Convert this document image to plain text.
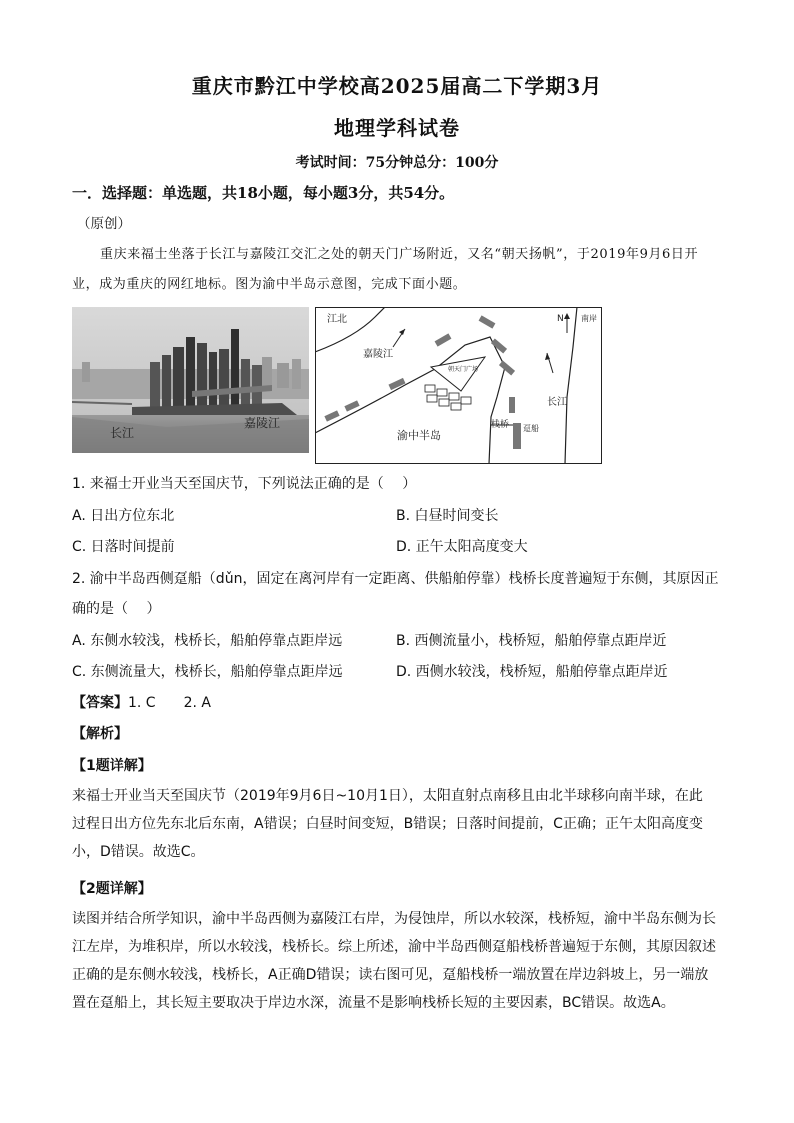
重庆市黔江中学校高2025届高二下学期3月
地理学科试卷
考试时间：75分钟总分：100分
一．选择题：单选题，共18小题，每小题3分，共54分。
（原创）
重庆来福士坐落于长江与嘉陵江交汇之处的朝天门广场附近，又名“朝天扬帆”，于2019年9月6日开业，成为重庆的网红地标。图为渝中半岛示意图，完成下面小题。
长江
嘉陵江
江北
嘉陵江
朝天门广场
N 南岸
长江
渝中半岛
栈桥 趸船
1. 来福士开业当天至国庆节，下列说法正确的是（　 ）
A. 日出方位东北	B. 白昼时间变长
C. 日落时间提前	D. 正午太阳高度变大
2. 渝中半岛西侧趸船（dǔn，固定在离河岸有一定距离、供船舶停靠）栈桥长度普遍短于东侧，其原因正
确的是（　 ）
A. 东侧水较浅，栈桥长，船舶停靠点距岸远	B. 西侧流量小，栈桥短，船舶停靠点距岸近
C. 东侧流量大，栈桥长，船舶停靠点距岸远	D. 西侧水较浅，栈桥短，船舶停靠点距岸近
【答案】1. C　　2. A
【解析】
【1题详解】
来福士开业当天至国庆节（2019年9月6日~10月1日），太阳直射点南移且由北半球移向南半球，在此
过程日出方位先东北后东南，A错误；白昼时间变短，B错误；日落时间提前，C正确；正午太阳高度变
小，D错误。故选C。
【2题详解】
读图并结合所学知识，渝中半岛西侧为嘉陵江右岸，为侵蚀岸，所以水较深，栈桥短，渝中半岛东侧为长
江左岸，为堆积岸，所以水较浅，栈桥长。综上所述，渝中半岛西侧趸船栈桥普遍短于东侧，其原因叙述
正确的是东侧水较浅，栈桥长，A正确D错误；读右图可见，趸船栈桥一端放置在岸边斜坡上，另一端放
置在趸船上，其长短主要取决于岸边水深，流量不是影响栈桥长短的主要因素，BC错误。故选A。
